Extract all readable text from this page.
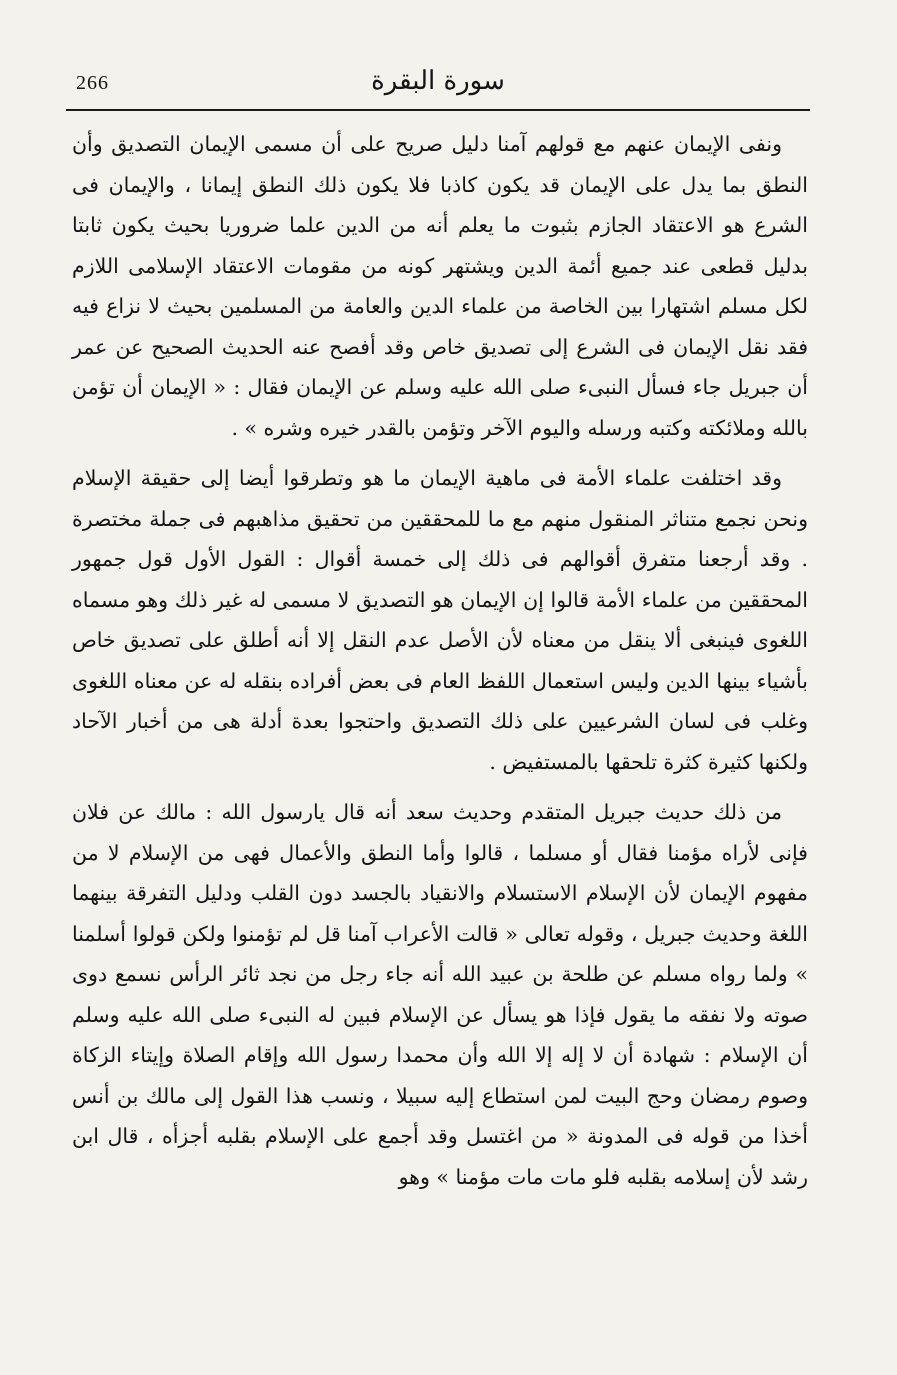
266	سورة البقرة

ونفى الإيمان عنهم مع قولهم آمنا دليل صريح على أن مسمى الإيمان التصديق وأن النطق بما يدل على الإيمان قد يكون كاذبا فلا يكون ذلك النطق إيمانا ، والإيمان فى الشرع هو الاعتقاد الجازم بثبوت ما يعلم أنه من الدين علما ضروريا بحيث يكون ثابتا بدليل قطعى عند جميع أئمة الدين ويشتهر كونه من مقومات الاعتقاد الإسلامى اللازم لكل مسلم اشتهارا بين الخاصة من علماء الدين والعامة من المسلمين بحيث لا نزاع فيه فقد نقل الإيمان فى الشرع إلى تصديق خاص وقد أفصح عنه الحديث الصحيح عن عمر أن جبريل جاء فسأل النبىء صلى الله عليه وسلم عن الإيمان فقال : « الإيمان أن تؤمن بالله وملائكته وكتبه ورسله واليوم الآخر وتؤمن بالقدر خيره وشره » .

وقد اختلفت علماء الأمة فى ماهية الإيمان ما هو وتطرقوا أيضا إلى حقيقة الإسلام ونحن نجمع متناثر المنقول منهم مع ما للمحققين من تحقيق مذاهبهم فى جملة مختصرة . وقد أرجعنا متفرق أقوالهم فى ذلك إلى خمسة أقوال : القول الأول قول جمهور المحققين من علماء الأمة قالوا إن الإيمان هو التصديق لا مسمى له غير ذلك وهو مسماه اللغوى فينبغى ألا ينقل من معناه لأن الأصل عدم النقل إلا أنه أطلق على تصديق خاص بأشياء بينها الدين وليس استعمال اللفظ العام فى بعض أفراده بنقله له عن معناه اللغوى وغلب فى لسان الشرعيين على ذلك التصديق واحتجوا بعدة أدلة هى من أخبار الآحاد ولكنها كثيرة كثرة تلحقها بالمستفيض .

من ذلك حديث جبريل المتقدم وحديث سعد أنه قال يارسول الله : مالك عن فلان فإنى لأراه مؤمنا فقال أو مسلما ، قالوا وأما النطق والأعمال فهى من الإسلام لا من مفهوم الإيمان لأن الإسلام الاستسلام والانقياد بالجسد دون القلب ودليل التفرقة بينهما اللغة وحديث جبريل ، وقوله تعالى « قالت الأعراب آمنا قل لم تؤمنوا ولكن قولوا أسلمنا » ولما رواه مسلم عن طلحة بن عبيد الله أنه جاء رجل من نجد ثائر الرأس نسمع دوى صوته ولا نفقه ما يقول فإذا هو يسأل عن الإسلام فبين له النبىء صلى الله عليه وسلم أن الإسلام : شهادة أن لا إله إلا الله وأن محمدا رسول الله وإقام الصلاة وإيتاء الزكاة وصوم رمضان وحج البيت لمن استطاع إليه سبيلا ، ونسب هذا القول إلى مالك بن أنس أخذا من قوله فى المدونة « من اغتسل وقد أجمع على الإسلام بقلبه أجزأه ، قال ابن رشد لأن إسلامه بقلبه فلو مات مات مؤمنا » وهو
